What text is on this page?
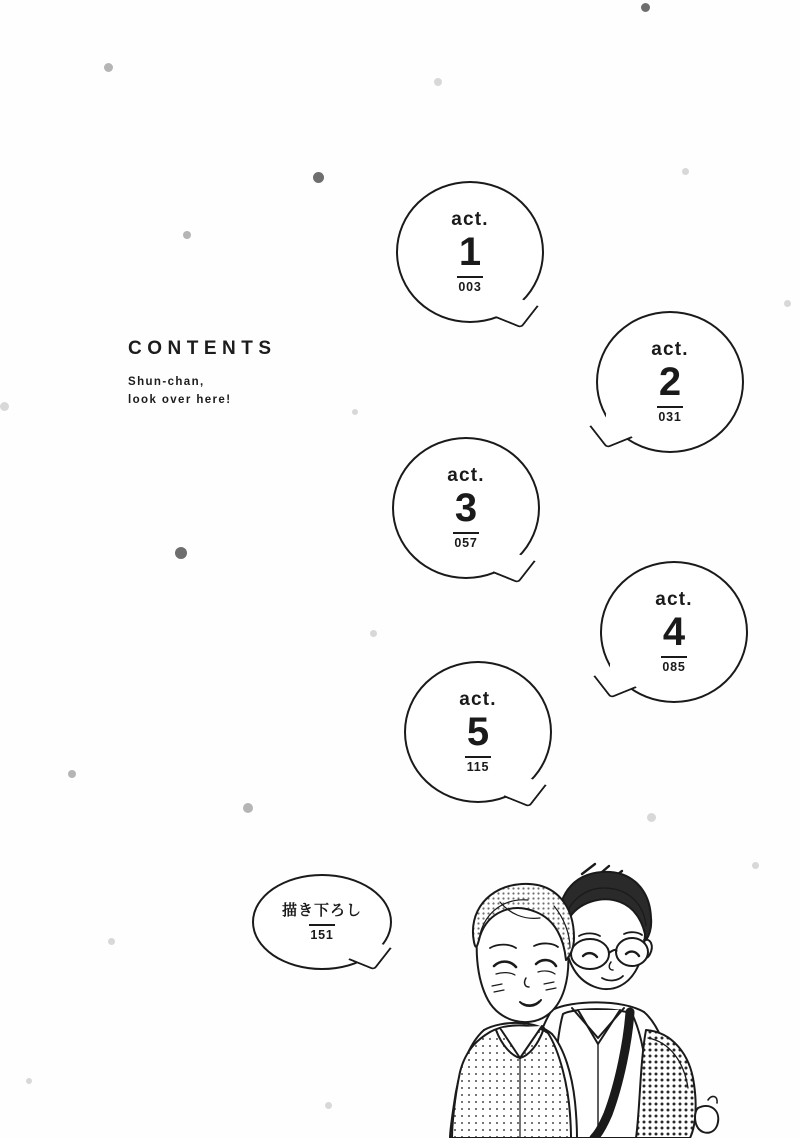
CONTENTS
Shun-chan,
look over here!
act.
1
003
act.
2
031
act.
3
057
act.
4
085
act.
5
115
描き下ろし
151
